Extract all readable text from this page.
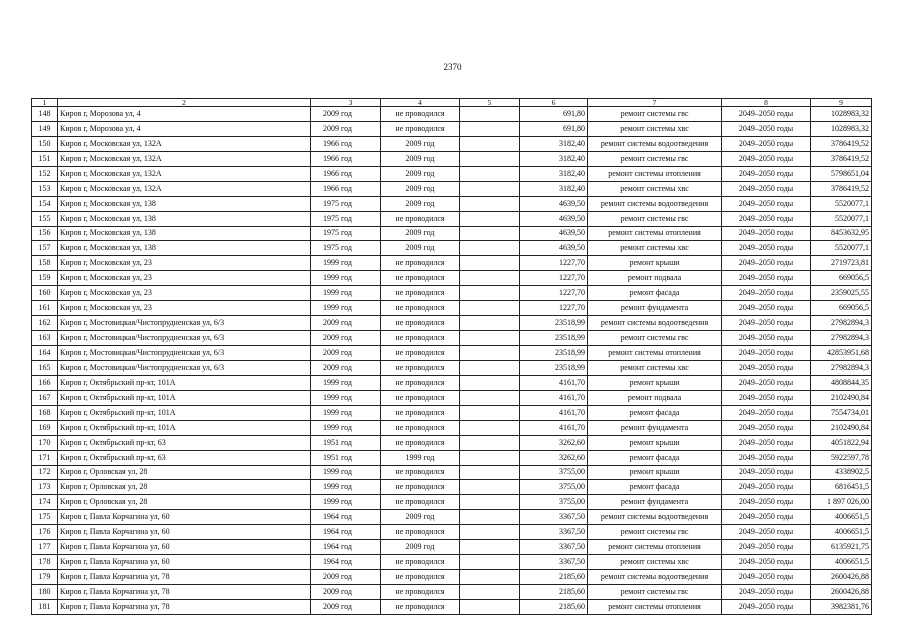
2370
1	2	3	4	5	6	7	8	9
148	Киров г, Морозова ул, 4	2009 год	не проводился		691,80	ремонт системы гвс	2049–2050 годы	1028983,32
149	Киров г, Морозова ул, 4	2009 год	не проводился		691,80	ремонт системы хвс	2049–2050 годы	1028983,32
150	Киров г, Московская ул, 132А	1966 год	2009 год		3182,40	ремонт системы водоотведения	2049–2050 годы	3786419,52
151	Киров г, Московская ул, 132А	1966 год	2009 год		3182,40	ремонт системы гвс	2049–2050 годы	3786419,52
152	Киров г, Московская ул, 132А	1966 год	2009 год		3182,40	ремонт системы отопления	2049–2050 годы	5798651,04
153	Киров г, Московская ул, 132А	1966 год	2009 год		3182,40	ремонт системы хвс	2049–2050 годы	3786419,52
154	Киров г, Московская ул, 138	1975 год	2009 год		4639,50	ремонт системы водоотведения	2049–2050 годы	5520077,1
155	Киров г, Московская ул, 138	1975 год	не проводился		4639,50	ремонт системы гвс	2049–2050 годы	5520077,1
156	Киров г, Московская ул, 138	1975 год	2009 год		4639,50	ремонт системы отопления	2049–2050 годы	8453632,95
157	Киров г, Московская ул, 138	1975 год	2009 год		4639,50	ремонт системы хвс	2049–2050 годы	5520077,1
158	Киров г, Московская ул, 23	1999 год	не проводился		1227,70	ремонт крыши	2049–2050 годы	2719723,81
159	Киров г, Московская ул, 23	1999 год	не проводился		1227,70	ремонт подвала	2049–2050 годы	669056,5
160	Киров г, Московская ул, 23	1999 год	не проводился		1227,70	ремонт фасада	2049–2050 годы	2359025,55
161	Киров г, Московская ул, 23	1999 год	не проводился		1227,70	ремонт фундамента	2049–2050 годы	669056,5
162	Киров г, Мостовицкая/Чистопрудненская ул, 6/3	2009 год	не проводился		23518,99	ремонт системы водоотведения	2049–2050 годы	27982894,3
163	Киров г, Мостовицкая/Чистопрудненская ул, 6/3	2009 год	не проводился		23518,99	ремонт системы гвс	2049–2050 годы	27982894,3
164	Киров г, Мостовицкая/Чистопрудненская ул, 6/3	2009 год	не проводился		23518,99	ремонт системы отопления	2049–2050 годы	42853951,68
165	Киров г, Мостовицкая/Чистопрудненская ул, 6/3	2009 год	не проводился		23518,99	ремонт системы хвс	2049–2050 годы	27982894,3
166	Киров г, Октябрьский пр-кт, 101А	1999 год	не проводился		4161,70	ремонт крыши	2049–2050 годы	4808844,35
167	Киров г, Октябрьский пр-кт, 101А	1999 год	не проводился		4161,70	ремонт подвала	2049–2050 годы	2102490,84
168	Киров г, Октябрьский пр-кт, 101А	1999 год	не проводился		4161,70	ремонт фасада	2049–2050 годы	7554734,01
169	Киров г, Октябрьский пр-кт, 101А	1999 год	не проводился		4161,70	ремонт фундамента	2049–2050 годы	2102490,84
170	Киров г, Октябрьский пр-кт, 63	1951 год	не проводился		3262,60	ремонт крыши	2049–2050 годы	4051822,94
171	Киров г, Октябрьский пр-кт, 63	1951 год	1999 год		3262,60	ремонт фасада	2049–2050 годы	5922597,78
172	Киров г, Орловская ул, 28	1999 год	не проводился		3755,00	ремонт крыши	2049–2050 годы	4338902,5
173	Киров г, Орловская ул, 28	1999 год	не проводился		3755,00	ремонт фасада	2049–2050 годы	6816451,5
174	Киров г, Орловская ул, 28	1999 год	не проводился		3755,00	ремонт фундамента	2049–2050 годы	1 897 026,00
175	Киров г, Павла Корчагина ул, 60	1964 год	2009 год		3367,50	ремонт системы водоотведения	2049–2050 годы	4006651,5
176	Киров г, Павла Корчагина ул, 60	1964 год	не проводился		3367,50	ремонт системы гвс	2049–2050 годы	4006651,5
177	Киров г, Павла Корчагина ул, 60	1964 год	2009 год		3367,50	ремонт системы отопления	2049–2050 годы	6135921,75
178	Киров г, Павла Корчагина ул, 60	1964 год	не проводился		3367,50	ремонт системы хвс	2049–2050 годы	4006651,5
179	Киров г, Павла Корчагина ул, 78	2009 год	не проводился		2185,60	ремонт системы водоотведения	2049–2050 годы	2600426,88
180	Киров г, Павла Корчагина ул, 78	2009 год	не проводился		2185,60	ремонт системы гвс	2049–2050 годы	2600426,88
181	Киров г, Павла Корчагина ул, 78	2009 год	не проводился		2185,60	ремонт системы отопления	2049–2050 годы	3982381,76
